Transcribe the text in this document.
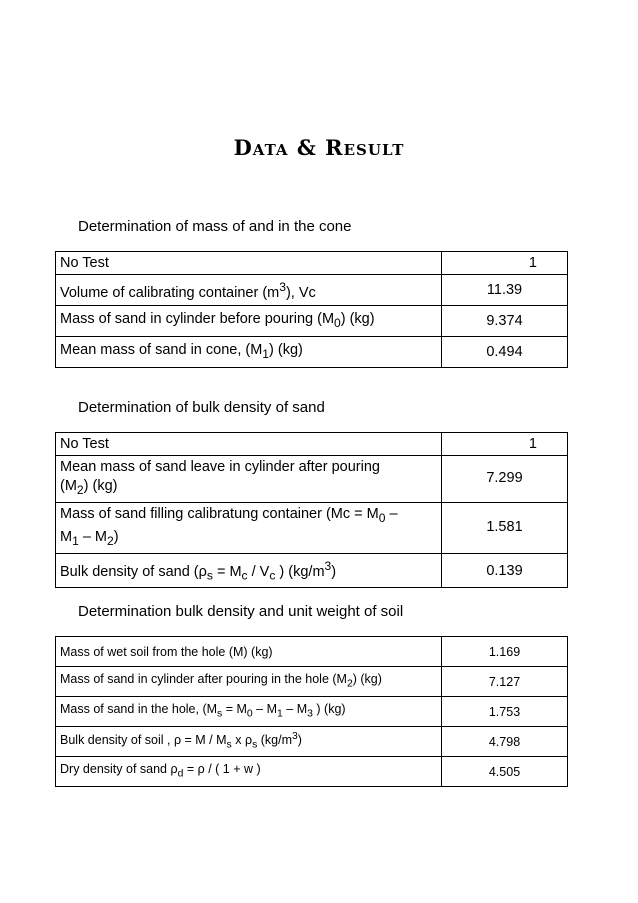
Data & Result
Determination of mass of and in the cone
No Test	1
Volume of calibrating container $(m^3)$, Vc	11.39
Mass of sand in cylinder before pouring $(M_0)$ (kg)	9.374
Mean mass of sand in cone, $(M_1)$ (kg)	0.494
Determination of bulk density of sand
No Test	1
Mean mass of sand leave in cylinder after pouring
$(M_2)$ (kg)	7.299
Mass of sand filling calibratung container ($Mc = M_0$ –
$M_1 - M_2$)	1.581
Bulk density of sand ($\rho_s = M_c / V_c$ ) $(kg/m^3)$	0.139
Determination bulk density and unit weight of soil
Mass of wet soil from the hole (M) (kg)	1.169
Mass of sand in cylinder after pouring in the hole $(M_2)$ (kg)	7.127
Mass of sand in the hole, ($M_s = M_0 - M_1 - M_3$ ) (kg)	1.753
Bulk density of soil , $\rho = M / M_s$ x $\rho_s$ $(kg/m^3)$	4.798
Dry density of sand $\rho_d = \rho$ / ( 1 + w )	4.505
